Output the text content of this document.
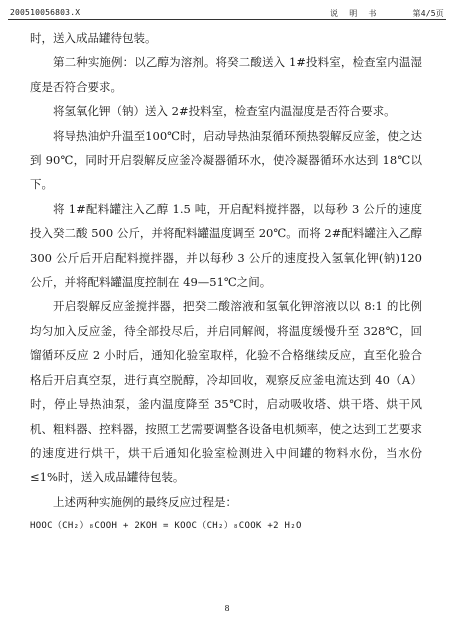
200510056803.X	说 明 书	第4/5页

时，送入成品罐待包装。

第二种实施例：以乙醇为溶剂。将癸二酸送入 1#投料室，检查室内温湿度是否符合要求。

将氢氧化钾（钠）送入 2#投料室，检查室内温湿度是否符合要求。

将导热油炉升温至100℃时，启动导热油泵循环预热裂解反应釜，使之达到 90℃，同时开启裂解反应釜冷凝器循环水，使冷凝器循环水达到 18℃以下。

将 1#配料罐注入乙醇 1.5 吨，开启配料搅拌器，以每秒 3 公斤的速度投入癸二酸 500 公斤，并将配料罐温度调至 20℃。而将 2#配料罐注入乙醇 300 公斤后开启配料搅拌器，并以每秒 3 公斤的速度投入氢氧化钾(钠)120 公斤，并将配料罐温度控制在 49—51℃之间。

开启裂解反应釜搅拌器，把癸二酸溶液和氢氧化钾溶液以以 8:1 的比例均匀加入反应釜，待全部投尽后，并启同解阀，将温度缓慢升至 328℃，回馏循环反应 2 小时后，通知化验室取样，化验不合格继续反应，直至化验合格后开启真空泵，进行真空脱醇，冷却回收，观察反应釜电流达到 40（A）时，停止导热油泵，釜内温度降至 35℃时，启动吸收塔、烘干塔、烘干风机、粗料器、控料器，按照工艺需要调整各设备电机频率，使之达到工艺要求的速度进行烘干，烘干后通知化验室检测进入中间罐的物料水份，当水份≤1%时，送入成品罐待包装。

上述两种实施例的最终反应过程是：

HOOC（CH₂）₈COOH + 2KOH = KOOC（CH₂）₈COOK +2 H₂O

8
